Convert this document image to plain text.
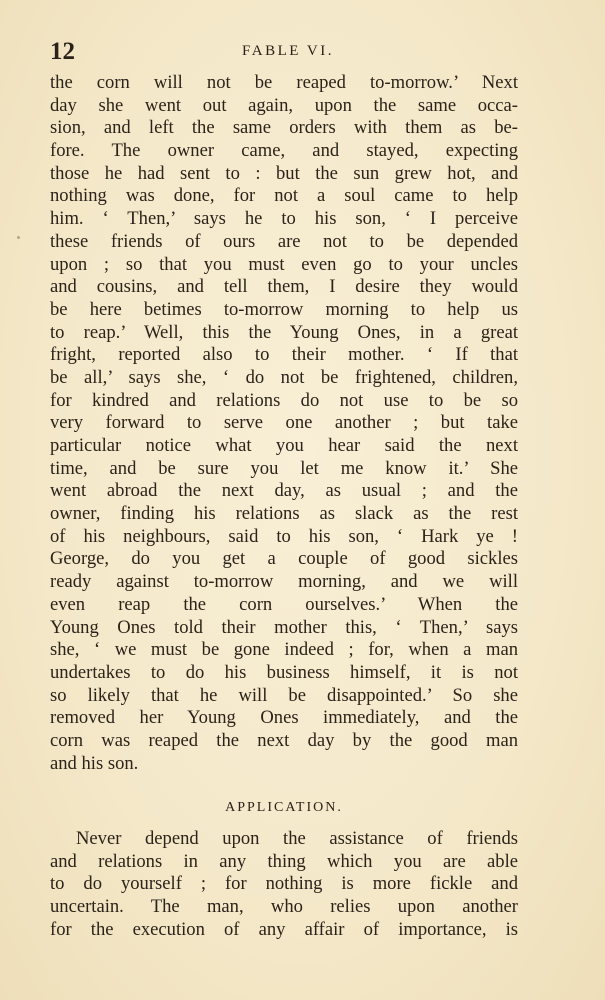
12	FABLE VI.
the corn will not be reaped to-morrow.’ Next
day she went out again, upon the same occa-
sion, and left the same orders with them as be-
fore. The owner came, and stayed, expecting
those he had sent to : but the sun grew hot, and
nothing was done, for not a soul came to help
him. ‘ Then,’ says he to his son, ‘ I perceive
these friends of ours are not to be depended
upon ; so that you must even go to your uncles
and cousins, and tell them, I desire they would
be here betimes to-morrow morning to help us
to reap.’ Well, this the Young Ones, in a great
fright, reported also to their mother. ‘ If that
be all,’ says she, ‘ do not be frightened, children,
for kindred and relations do not use to be so
very forward to serve one another ; but take
particular notice what you hear said the next
time, and be sure you let me know it.’ She
went abroad the next day, as usual ; and the
owner, finding his relations as slack as the rest
of his neighbours, said to his son, ‘ Hark ye !
George, do you get a couple of good sickles
ready against to-morrow morning, and we will
even reap the corn ourselves.’ When the
Young Ones told their mother this, ‘ Then,’ says
she, ‘ we must be gone indeed ; for, when a man
undertakes to do his business himself, it is not
so likely that he will be disappointed.’ So she
removed her Young Ones immediately, and the
corn was reaped the next day by the good man
and his son.
APPLICATION.
Never depend upon the assistance of friends
and relations in any thing which you are able
to do yourself ; for nothing is more fickle and
uncertain. The man, who relies upon another
for the execution of any affair of importance, is
